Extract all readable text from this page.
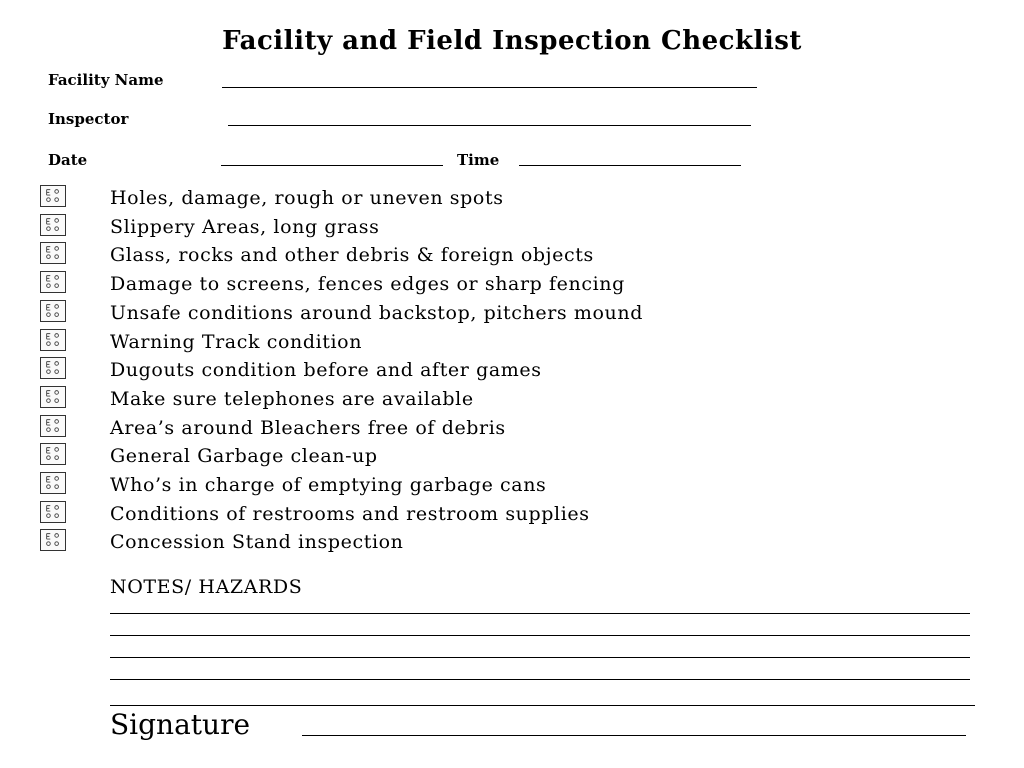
Facility and Field Inspection Checklist
Facility Name
Inspector
Date	Time
Holes, damage, rough or uneven spots
Slippery Areas, long grass
Glass, rocks and other debris & foreign objects
Damage to screens, fences edges or sharp fencing
Unsafe conditions around backstop, pitchers mound
Warning Track condition
Dugouts condition before and after games
Make sure telephones are available
Area’s around Bleachers free of debris
General Garbage clean-up
Who’s in charge of emptying garbage cans
Conditions of restrooms and restroom supplies
Concession Stand inspection
NOTES/ HAZARDS
Signature
